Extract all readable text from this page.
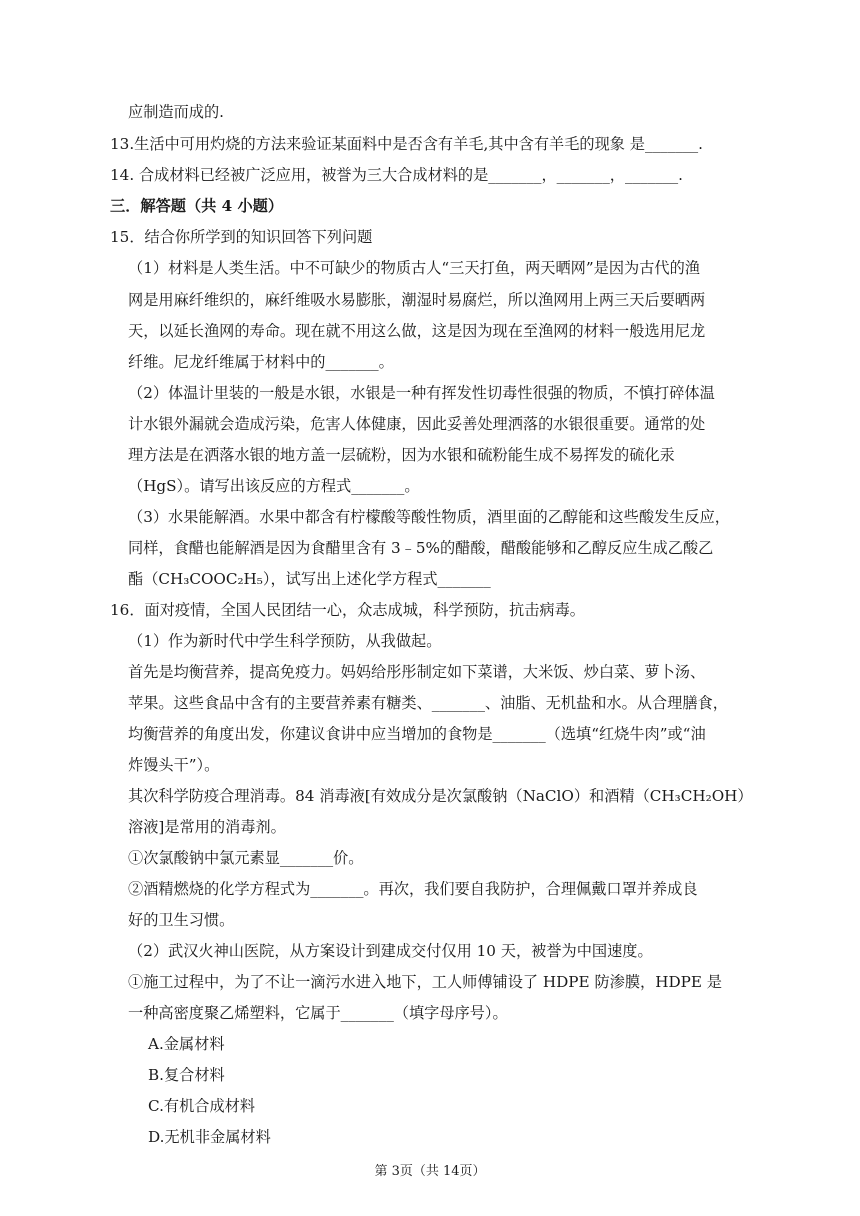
应制造而成的.
13.生活中可用灼烧的方法来验证某面料中是否含有羊毛,其中含有羊毛的现象 是_______.
14. 合成材料已经被广泛应用，被誉为三大合成材料的是_______，_______，_______.
三．解答题（共 4 小题）
15．结合你所学到的知识回答下列问题
（1）材料是人类生活。中不可缺少的物质古人“三天打鱼，两天晒网”是因为古代的渔
网是用麻纤维织的，麻纤维吸水易膨胀，潮湿时易腐烂，所以渔网用上两三天后要晒两
天，以延长渔网的寿命。现在就不用这么做，这是因为现在至渔网的材料一般选用尼龙
纤维。尼龙纤维属于材料中的_______。
（2）体温计里装的一般是水银，水银是一种有挥发性切毒性很强的物质，不慎打碎体温
计水银外漏就会造成污染，危害人体健康，因此妥善处理洒落的水银很重要。通常的处
理方法是在洒落水银的地方盖一层硫粉，因为水银和硫粉能生成不易挥发的硫化汞
（HgS）。请写出该反应的方程式_______。
（3）水果能解酒。水果中都含有柠檬酸等酸性物质，酒里面的乙醇能和这些酸发生反应，
同样，食醋也能解酒是因为食醋里含有 3﹣5%的醋酸，醋酸能够和乙醇反应生成乙酸乙
酯（CH₃COOC₂H₅），试写出上述化学方程式_______
16．面对疫情，全国人民团结一心，众志成城，科学预防，抗击病毒。
（1）作为新时代中学生科学预防，从我做起。
首先是均衡营养，提高免疫力。妈妈给彤彤制定如下菜谱，大米饭、炒白菜、萝卜汤、
苹果。这些食品中含有的主要营养素有糖类、_______、油脂、无机盐和水。从合理膳食，
均衡营养的角度出发，你建议食讲中应当增加的食物是_______（选填“红烧牛肉”或“油
炸馒头干”）。
其次科学防疫合理消毒。84 消毒液[有效成分是次氯酸钠（NaClO）和酒精（CH₃CH₂OH）
溶液]是常用的消毒剂。
①次氯酸钠中氯元素显_______价。
②酒精燃烧的化学方程式为_______。再次，我们要自我防护，合理佩戴口罩并养成良
好的卫生习惯。
（2）武汉火神山医院，从方案设计到建成交付仅用 10 天，被誉为中国速度。
①施工过程中，为了不让一滴污水进入地下，工人师傅铺设了 HDPE 防渗膜，HDPE 是
一种高密度聚乙烯塑料，它属于_______（填字母序号）。
A.金属材料
B.复合材料
C.有机合成材料
D.无机非金属材料
第 3页（共 14页）
